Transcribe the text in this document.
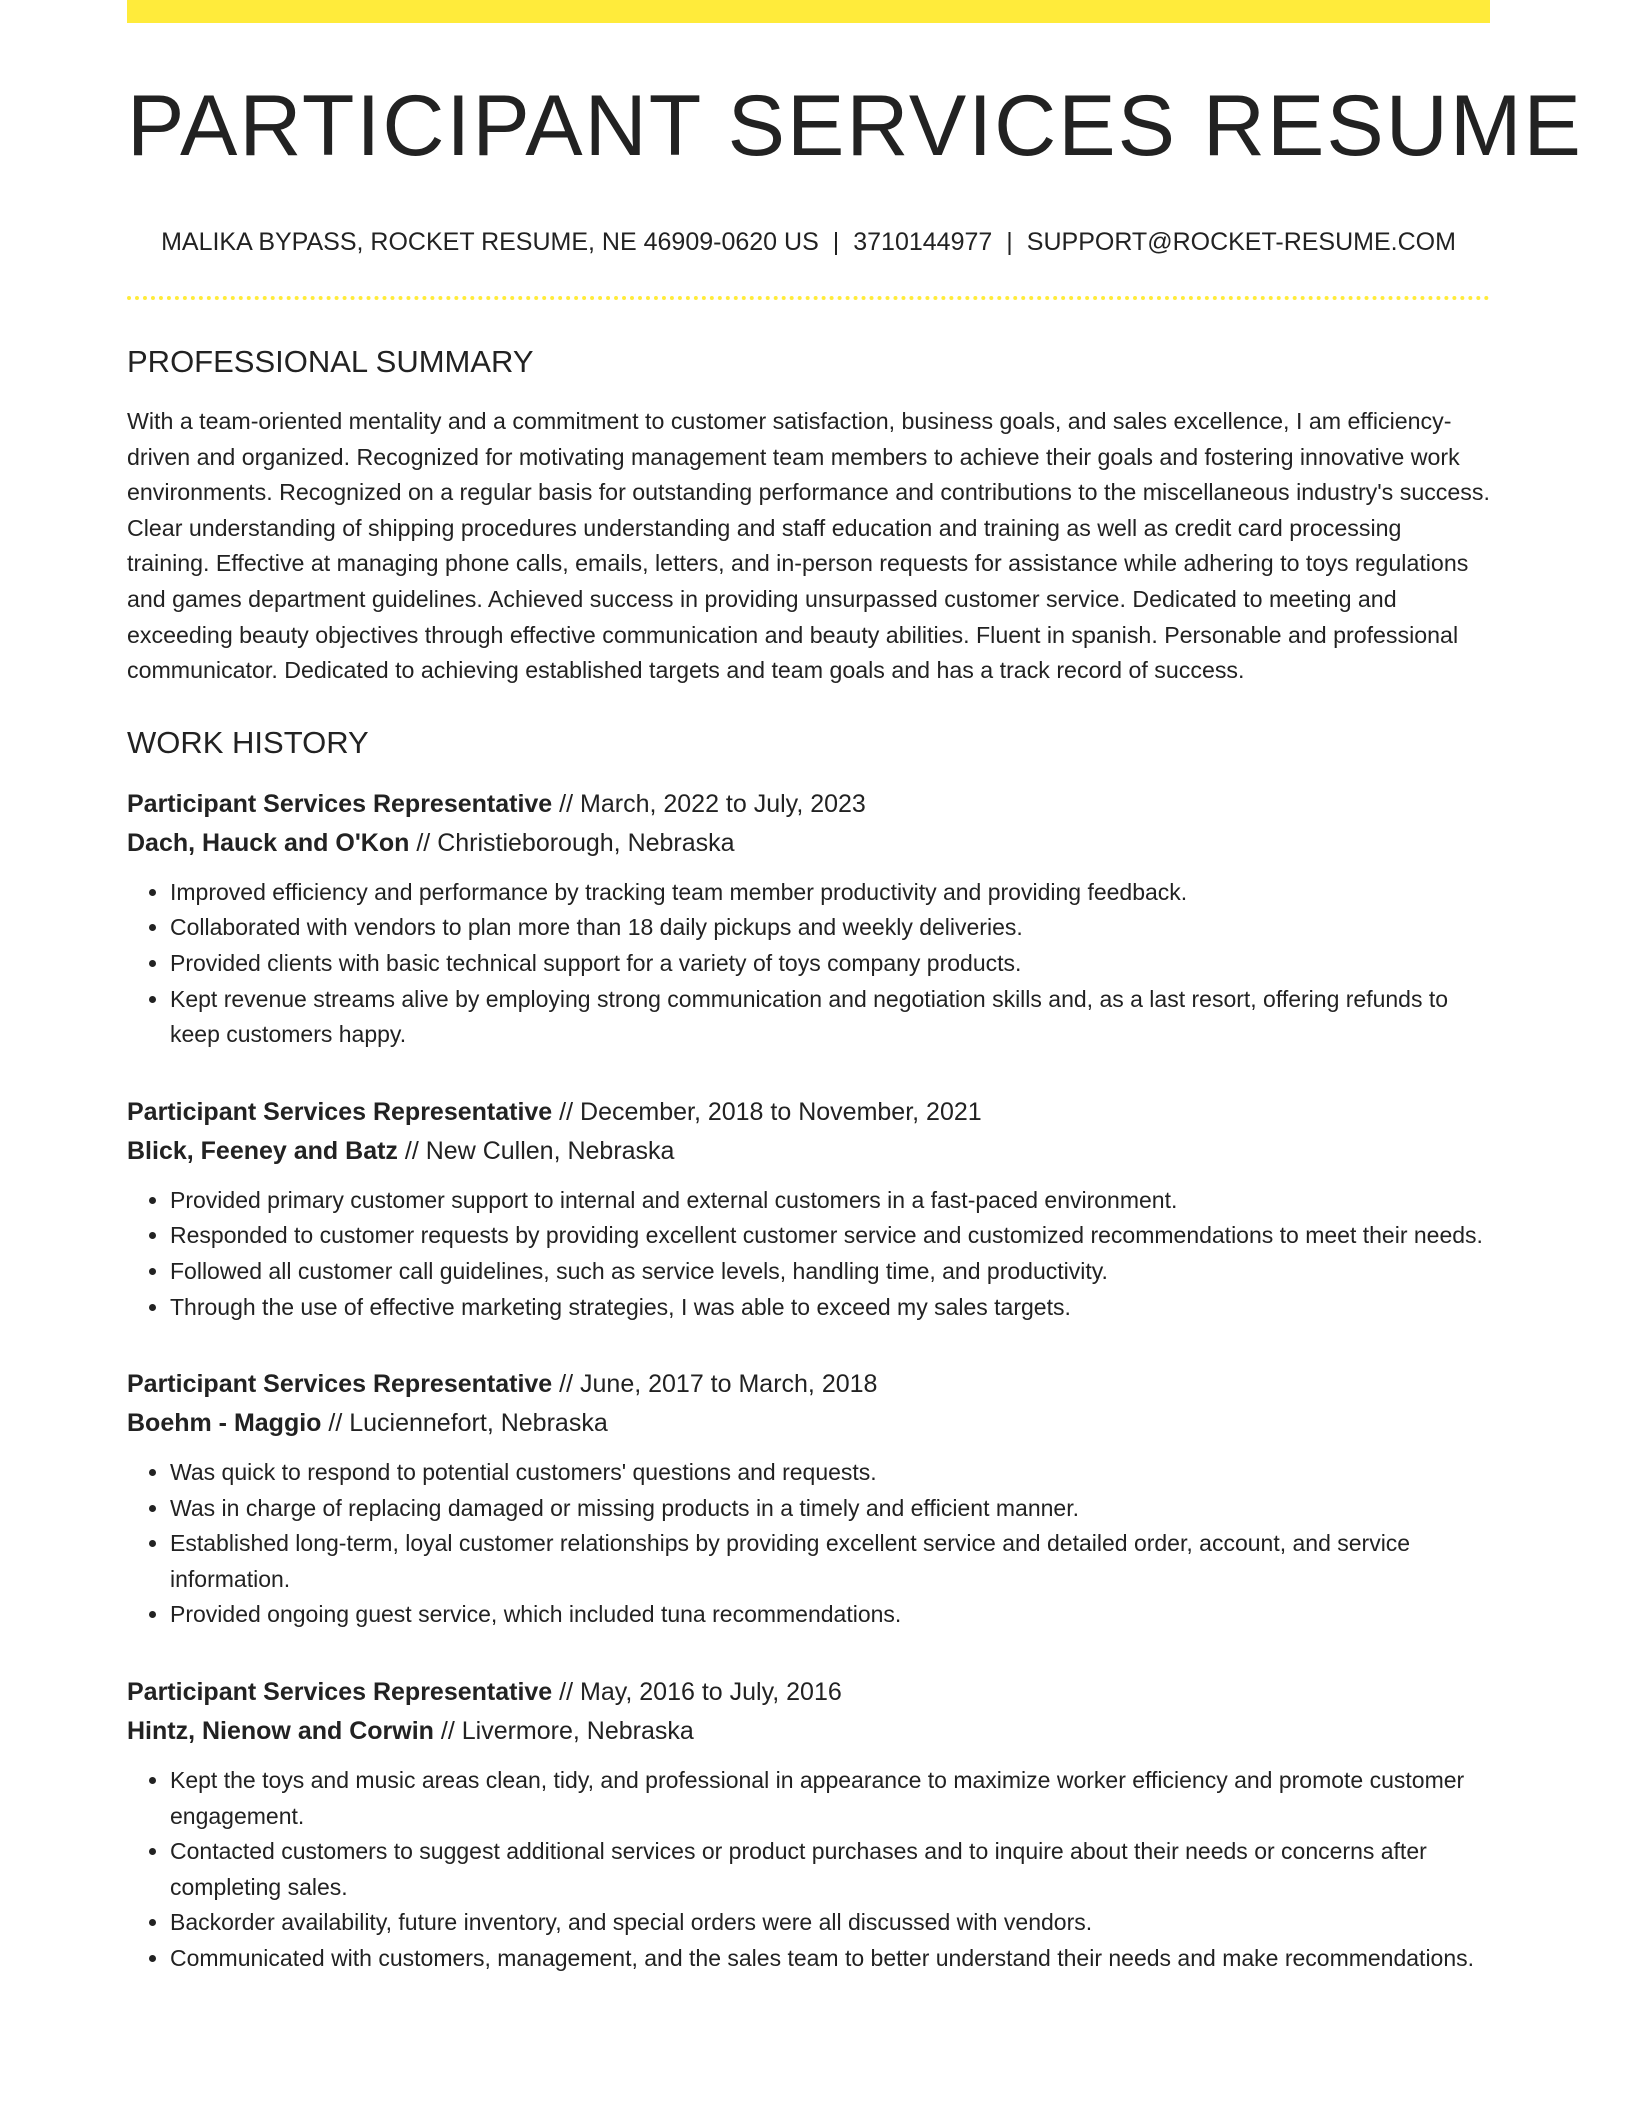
PARTICIPANT SERVICES RESUME
MALIKA BYPASS, ROCKET RESUME, NE 46909-0620 US | 3710144977 | SUPPORT@ROCKET-RESUME.COM
PROFESSIONAL SUMMARY

With a team-oriented mentality and a commitment to customer satisfaction, business goals, and sales excellence, I am efficiency-driven and organized. Recognized for motivating management team members to achieve their goals and fostering innovative work environments. Recognized on a regular basis for outstanding performance and contributions to the miscellaneous industry's success. Clear understanding of shipping procedures understanding and staff education and training as well as credit card processing training. Effective at managing phone calls, emails, letters, and in-person requests for assistance while adhering to toys regulations and games department guidelines. Achieved success in providing unsurpassed customer service. Dedicated to meeting and exceeding beauty objectives through effective communication and beauty abilities. Fluent in spanish. Personable and professional communicator. Dedicated to achieving established targets and team goals and has a track record of success.

WORK HISTORY
Participant Services Representative // March, 2022 to July, 2023
Dach, Hauck and O'Kon // Christieborough, Nebraska
• Improved efficiency and performance by tracking team member productivity and providing feedback.
• Collaborated with vendors to plan more than 18 daily pickups and weekly deliveries.
• Provided clients with basic technical support for a variety of toys company products.
• Kept revenue streams alive by employing strong communication and negotiation skills and, as a last resort, offering refunds to keep customers happy.
Participant Services Representative // December, 2018 to November, 2021
Blick, Feeney and Batz // New Cullen, Nebraska
• Provided primary customer support to internal and external customers in a fast-paced environment.
• Responded to customer requests by providing excellent customer service and customized recommendations to meet their needs.
• Followed all customer call guidelines, such as service levels, handling time, and productivity.
• Through the use of effective marketing strategies, I was able to exceed my sales targets.
Participant Services Representative // June, 2017 to March, 2018
Boehm - Maggio // Luciennefort, Nebraska
• Was quick to respond to potential customers' questions and requests.
• Was in charge of replacing damaged or missing products in a timely and efficient manner.
• Established long-term, loyal customer relationships by providing excellent service and detailed order, account, and service information.
• Provided ongoing guest service, which included tuna recommendations.
Participant Services Representative // May, 2016 to July, 2016
Hintz, Nienow and Corwin // Livermore, Nebraska
• Kept the toys and music areas clean, tidy, and professional in appearance to maximize worker efficiency and promote customer engagement.
• Contacted customers to suggest additional services or product purchases and to inquire about their needs or concerns after completing sales.
• Backorder availability, future inventory, and special orders were all discussed with vendors.
• Communicated with customers, management, and the sales team to better understand their needs and make recommendations.
